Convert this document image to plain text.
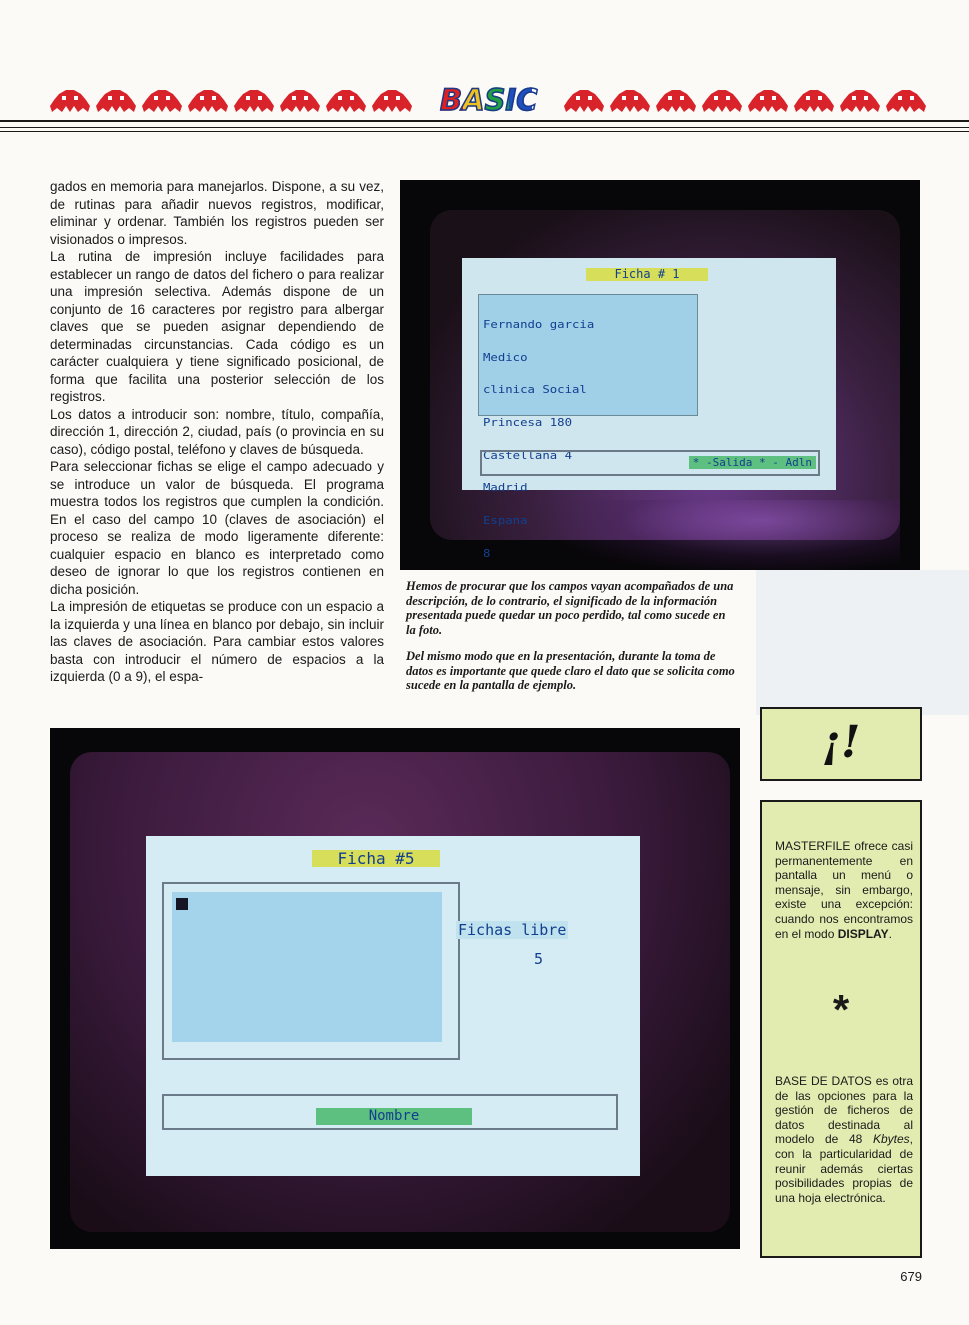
BASIC

gados en memoria para manejarlos. Dispone, a su vez, de rutinas para añadir nuevos registros, modificar, eliminar y ordenar. También los registros pueden ser visionados o impresos.

La rutina de impresión incluye facilidades para establecer un rango de datos del fichero o para realizar una impresión selectiva. Además dispone de un conjunto de 16 caracteres por registro para albergar claves que se pueden asignar dependiendo de determinadas circunstancias. Cada código es un carácter cualquiera y tiene significado posicional, de forma que facilita una posterior selección de los registros.

Los datos a introducir son: nombre, título, compañía, dirección 1, dirección 2, ciudad, país (o provincia en su caso), código postal, teléfono y claves de búsqueda.

Para seleccionar fichas se elige el campo adecuado y se introduce un valor de búsqueda. El programa muestra todos los registros que cumplen la condición. En el caso del campo 10 (claves de asociación) el proceso se realiza de modo ligeramente diferente: cualquier espacio en blanco es interpretado como deseo de ignorar lo que los registros contienen en dicha posición.

La impresión de etiquetas se produce con un espacio a la izquierda y una línea en blanco por debajo, sin incluir las claves de asociación. Para cambiar estos valores basta con introducir el número de espacios a la izquierda (0 a 9), el espa-

Ficha # 1

Fernando garcia

Medico

clinica Social

Princesa 180

Castellana 4

Madrid

Espana

8

* -Salida * - Adln

Hemos de procurar que los campos vayan acompañados de una descripción, de lo contrario, el significado de la información presentada puede quedar un poco perdido, tal como sucede en la foto.

Del mismo modo que en la presentación, durante la toma de datos es importante que quede claro el dato que se solicita como sucede en la pantalla de ejemplo.

¡!
MASTERFILE ofrece casi permanentemente en pantalla un menú o mensaje, sin embargo, existe una excepción: cuando nos encontramos en el modo DISPLAY.
*
BASE DE DATOS es otra de las opciones para la gestión de ficheros de datos destinada al modelo de 48 Kbytes, con la particularidad de reunir además ciertas posibilidades propias de una hoja electrónica.
Ficha #5
Fichas libre
5
Nombre
679
